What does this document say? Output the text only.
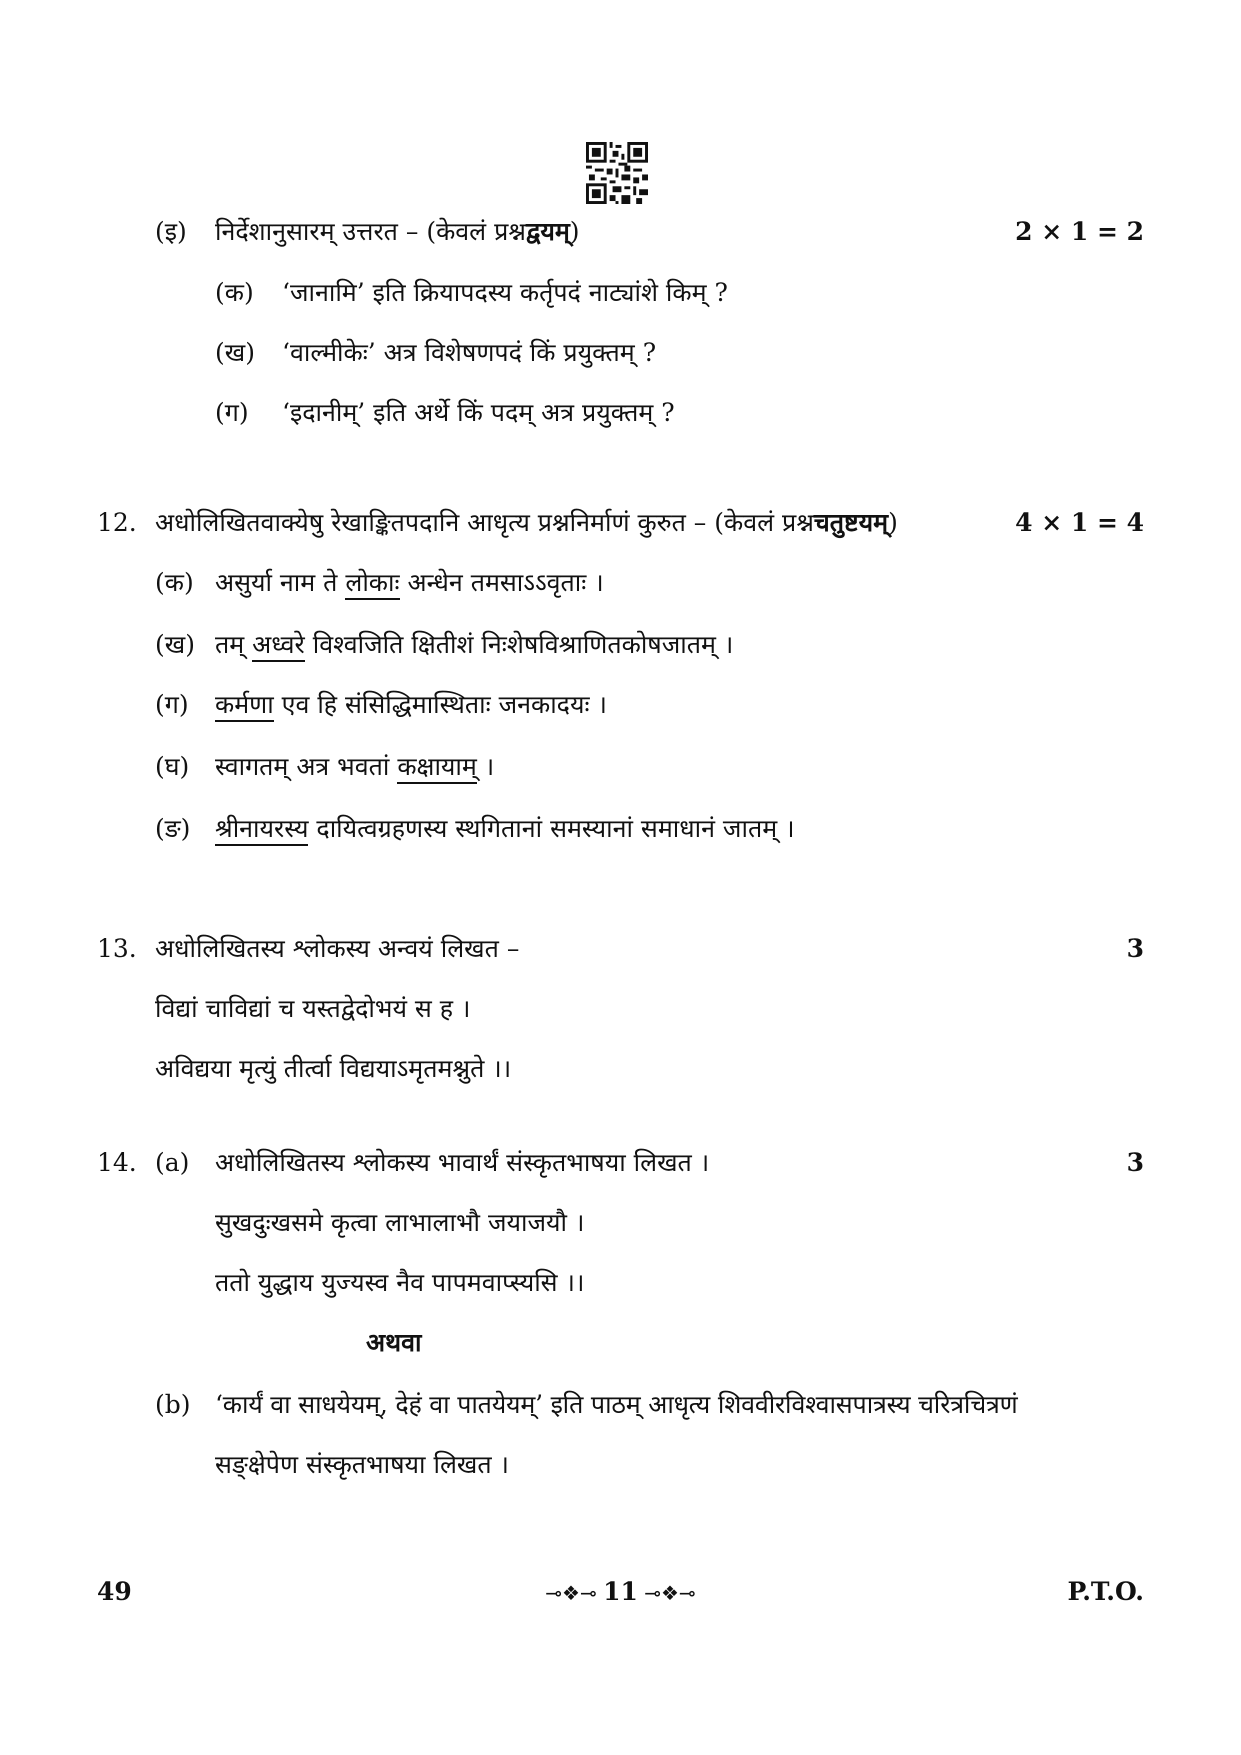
(इ) निर्देशानुसारम् उत्तरत – (केवलं प्रश्नद्वयम्)	2 × 1 = 2
(क) ‘जानामि’ इति क्रियापदस्य कर्तृपदं नाट्यांशे किम् ?
(ख) ‘वाल्मीकेः’ अत्र विशेषणपदं किं प्रयुक्तम् ?
(ग) ‘इदानीम्’ इति अर्थे किं पदम् अत्र प्रयुक्तम् ?
12. अधोलिखितवाक्येषु रेखाङ्कितपदानि आधृत्य प्रश्ननिर्माणं कुरुत – (केवलं प्रश्नचतुष्टयम्)	4 × 1 = 4
(क) असुर्या नाम ते लोकाः अन्धेन तमसाऽऽवृताः ।
(ख) तम् अध्वरे विश्वजिति क्षितीशं निःशेषविश्राणितकोषजातम् ।
(ग) कर्मणा एव हि संसिद्धिमास्थिताः जनकादयः ।
(घ) स्वागतम् अत्र भवतां कक्षायाम् ।
(ङ) श्रीनायरस्य दायित्वग्रहणस्य स्थगितानां समस्यानां समाधानं जातम् ।
13. अधोलिखितस्य श्लोकस्य अन्वयं लिखत –	3
विद्यां चाविद्यां च यस्तद्वेदोभयं स ह ।
अविद्यया मृत्युं तीर्त्वा विद्ययाऽमृतमश्नुते ।।
14. (a) अधोलिखितस्य श्लोकस्य भावार्थं संस्कृतभाषया लिखत ।	3
सुखदुःखसमे कृत्वा लाभालाभौ जयाजयौ ।
ततो युद्धाय युज्यस्व नैव पापमवाप्स्यसि ।।
अथवा
(b) ‘कार्यं वा साधयेयम्, देहं वा पातयेयम्’ इति पाठम् आधृत्य शिववीरविश्वासपात्रस्य चरित्रचित्रणं
सङ्क्षेपेण संस्कृतभाषया लिखत ।
49	⊸❖⊸ 11 ⊸❖⊸	P.T.O.
